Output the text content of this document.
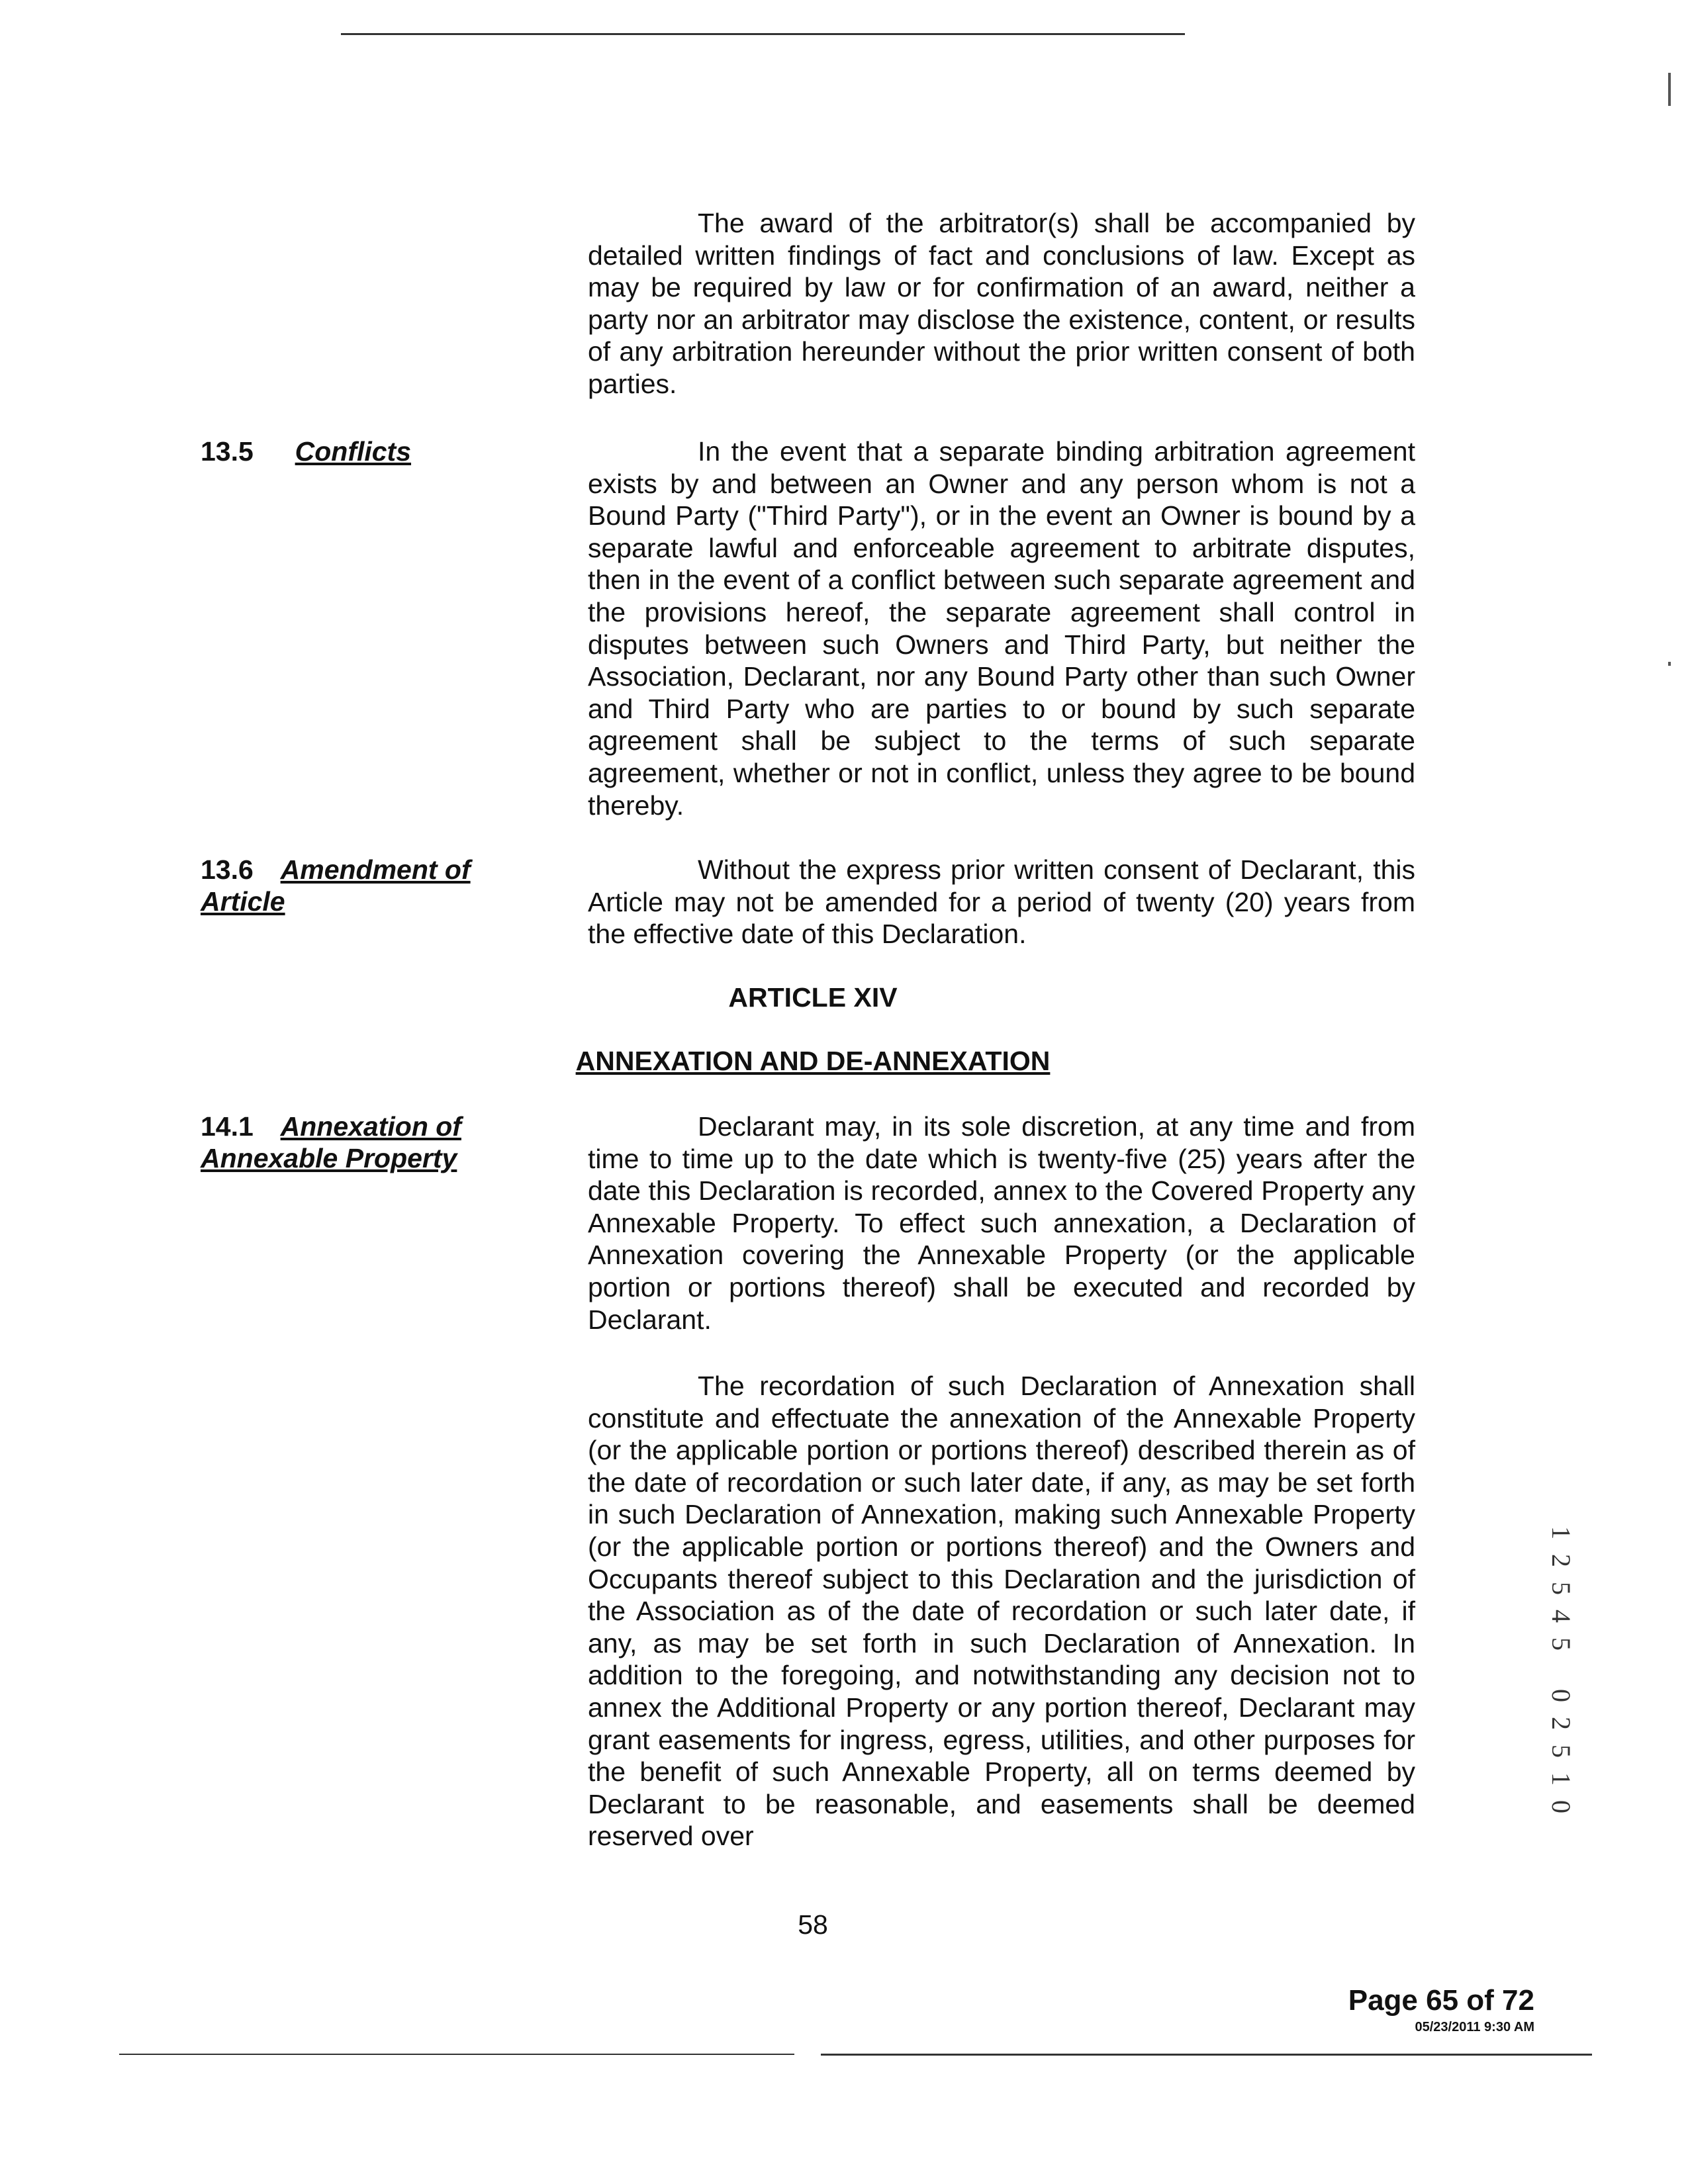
The award of the arbitrator(s) shall be accompanied by detailed written findings of fact and conclusions of law. Except as may be required by law or for confirmation of an award, neither a party nor an arbitrator may disclose the existence, content, or results of any arbitration hereunder without the prior written consent of both parties.

13.5 Conflicts	In the event that a separate binding arbitration agreement exists by and between an Owner and any person whom is not a Bound Party ("Third Party"), or in the event an Owner is bound by a separate lawful and enforceable agreement to arbitrate disputes, then in the event of a conflict between such separate agreement and the provisions hereof, the separate agreement shall control in disputes between such Owners and Third Party, but neither the Association, Declarant, nor any Bound Party other than such Owner and Third Party who are parties to or bound by such separate agreement shall be subject to the terms of such separate agreement, whether or not in conflict, unless they agree to be bound thereby.

13.6 Amendment of
Article

Without the express prior written consent of Declarant, this Article may not be amended for a period of twenty (20) years from the effective date of this Declaration.

ARTICLE XIV
ANNEXATION AND DE-ANNEXATION
14.1 Annexation of
Annexable Property

Declarant may, in its sole discretion, at any time and from time to time up to the date which is twenty-five (25) years after the date this Declaration is recorded, annex to the Covered Property any Annexable Property. To effect such annexation, a Declaration of Annexation covering the Annexable Property (or the applicable portion or portions thereof) shall be executed and recorded by Declarant.

The recordation of such Declaration of Annexation shall constitute and effectuate the annexation of the Annexable Property (or the applicable portion or portions thereof) described therein as of the date of recordation or such later date, if any, as may be set forth in such Declaration of Annexation, making such Annexable Property (or the applicable portion or portions thereof) and the Owners and Occupants thereof subject to this Declaration and the jurisdiction of the Association as of the date of recordation or such later date, if any, as may be set forth in such Declaration of Annexation. In addition to the foregoing, and notwithstanding any decision not to annex the Additional Property or any portion thereof, Declarant may grant easements for ingress, egress, utilities, and other purposes for the benefit of such Annexable Property, all on terms deemed by Declarant to be reasonable, and easements shall be deemed reserved over

58
1
2
5
4
5
0
2
5
1
0
Page 65 of 72
05/23/2011 9:30 AM
